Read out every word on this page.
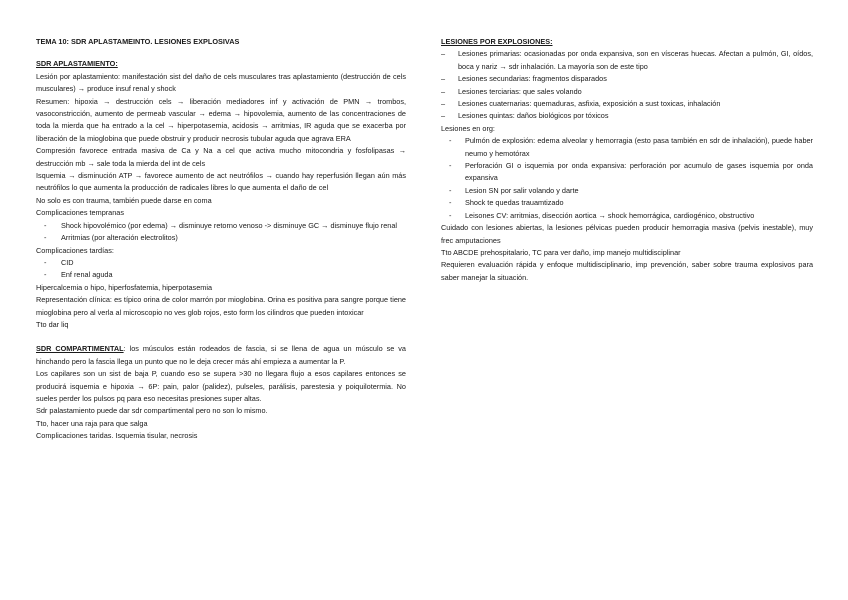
TEMA 10: SDR APLASTAMEINTO. LESIONES EXPLOSIVAS
SDR APLASTAMIENTO:

Lesión por aplastamiento: manifestación sist del daño de cels musculares tras aplastamiento (destrucción de cels musculares) → produce insuf renal y shock

Resumen: hipoxia → destrucción cels → liberación mediadores inf y activación de PMN → trombos, vasoconstricción, aumento de permeab vascular → edema → hipovolemia, aumento de las concentraciones de toda la mierda que ha entrado a la cel → hiperpotasemia, acidosis → arritmias, IR aguda que se exacerba por liberación de la mioglobina que puede obstruir y producir necrosis tubular aguda que agrava ERA

Compresión favorece entrada masiva de Ca y Na a cel que activa mucho mitocondria y fosfolipasas → destrucción mb → sale toda la mierda del int de cels

Isquemia → disminución ATP → favorece aumento de act neutrófilos → cuando hay reperfusión llegan aún más neutrófilos lo que aumenta la producción de radicales libres lo que aumenta el daño de cel

No solo es con trauma, también puede darse en coma

Complicaciones tempranas

- Shock hipovolémico (por edema) → disminuye retorno venoso -> disminuye GC → disminuye flujo renal
- Arritmias (por alteración electrolitos)

Complicaciones tardías:

- CID
- Enf renal aguda

Hipercalcemia o hipo, hiperfosfatemia, hiperpotasemia

Representación clínica: es típico orina de color marrón por mioglobina. Orina es positiva para sangre porque tiene mioglobina pero al verla al microscopio no ves glob rojos, esto form los cilindros que pueden intoxicar

Tto dar liq

SDR COMPARTIMENTAL: los músculos están rodeados de fascia, si se llena de agua un músculo se va hinchando pero la fascia llega un punto que no le deja crecer más ahí empieza a aumentar la P.

Los capilares son un sist de baja P, cuando eso se supera >30 no llegara flujo a esos capilares entonces se producirá isquemia e hipoxia → 6P: pain, palor (palidez), pulseles, parálisis, parestesia y poiquilotermia. No sueles perder los pulsos pq para eso necesitas presiones super altas.

Sdr palastamiento puede dar sdr compartimental pero no son lo mismo.

Tto, hacer una raja para que salga

Complicaciones taridas. Isquemia tisular, necrosis

LESIONES POR EXPLOSIONES:
– Lesiones primarias: ocasionadas por onda expansiva, son en vísceras huecas. Afectan a pulmón, GI, oídos, boca y nariz → sdr inhalación. La mayoría son de este tipo
– Lesiones secundarias: fragmentos disparados
– Lesiones terciarias: que sales volando
– Lesiones cuaternarias: quemaduras, asfixia, exposición a sust toxicas, inhalación
– Lesiones quintas: daños biológicos por tóxicos

Lesiones en org:

- Pulmón de explosión: edema alveolar y hemorragia (esto pasa también en sdr de inhalación), puede haber neumo y hemotórax
- Perforación GI o isquemia por onda expansiva: perforación por acumulo de gases isquemia por onda expansiva
- Lesion SN por salir volando y darte
- Shock te quedas trauamtizado
- Leisones CV: arritmias, disección aortica → shock hemorrágica, cardiogénico, obstructivo

Cuidado con lesiones abiertas, la lesiones pélvicas pueden producir hemorragia masiva (pelvis inestable), muy frec amputaciones

Tto ABCDE prehospitalario, TC para ver daño, imp manejo multidisciplinar

Requieren evaluación rápida y enfoque multidisciplinario, imp prevención, saber sobre trauma explosivos para saber manejar la situación.
